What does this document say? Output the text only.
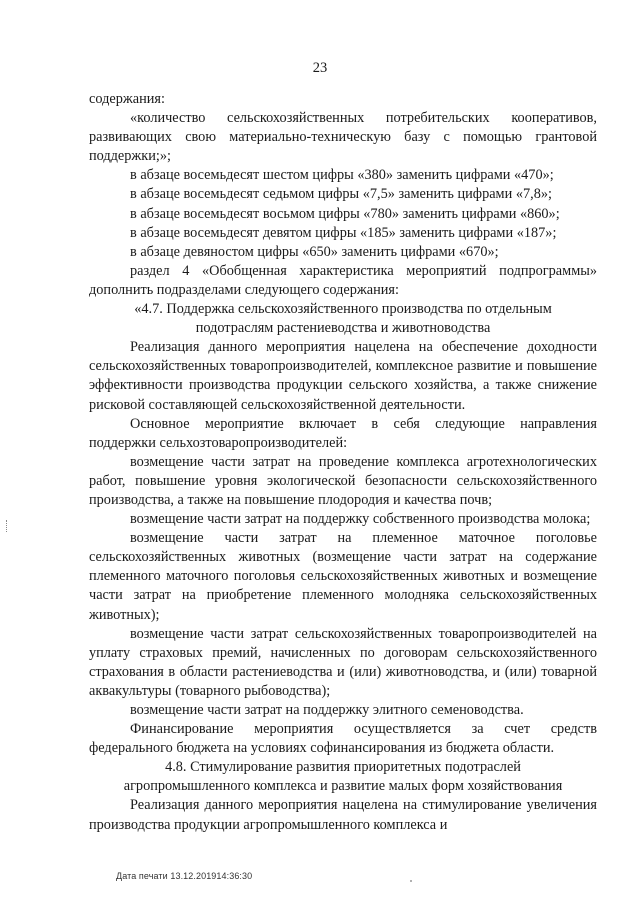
23

содержания:

«количество сельскохозяйственных потребительских кооперативов, развивающих свою материально-техническую базу с помощью грантовой поддержки;»;

в абзаце восемьдесят шестом цифры «380» заменить цифрами «470»;

в абзаце восемьдесят седьмом цифры «7,5» заменить цифрами «7,8»;

в абзаце восемьдесят восьмом цифры «780» заменить цифрами «860»;

в абзаце восемьдесят девятом цифры «185» заменить цифрами «187»;

в абзаце девяностом цифры «650» заменить цифрами «670»;

раздел 4 «Обобщенная характеристика мероприятий подпрограммы» дополнить подразделами следующего содержания:

«4.7. Поддержка сельскохозяйственного производства по отдельным подотраслям растениеводства и животноводства

Реализация данного мероприятия нацелена на обеспечение доходности сельскохозяйственных товаропроизводителей, комплексное развитие и повышение эффективности производства продукции сельского хозяйства, а также снижение рисковой составляющей сельскохозяйственной деятельности.

Основное мероприятие включает в себя следующие направления поддержки сельхозтоваропроизводителей:

возмещение части затрат на проведение комплекса агротехнологических работ, повышение уровня экологической безопасности сельскохозяйственного производства, а также на повышение плодородия и качества почв;

возмещение части затрат на поддержку собственного производства молока;

возмещение части затрат на племенное маточное поголовье сельскохозяйственных животных (возмещение части затрат на содержание племенного маточного поголовья сельскохозяйственных животных и возмещение части затрат на приобретение племенного молодняка сельскохозяйственных животных);

возмещение части затрат сельскохозяйственных товаропроизводителей на уплату страховых премий, начисленных по договорам сельскохозяйственного страхования в области растениеводства и (или) животноводства, и (или) товарной аквакультуры (товарного рыбоводства);

возмещение части затрат на поддержку элитного семеноводства.

Финансирование мероприятия осуществляется за счет средств федерального бюджета на условиях софинансирования из бюджета области.

4.8. Стимулирование развития приоритетных подотраслей агропромышленного комплекса и развитие малых форм хозяйствования

Реализация данного мероприятия нацелена на стимулирование увеличения производства продукции агропромышленного комплекса и

Дата печати 13.12.201914:36:30
